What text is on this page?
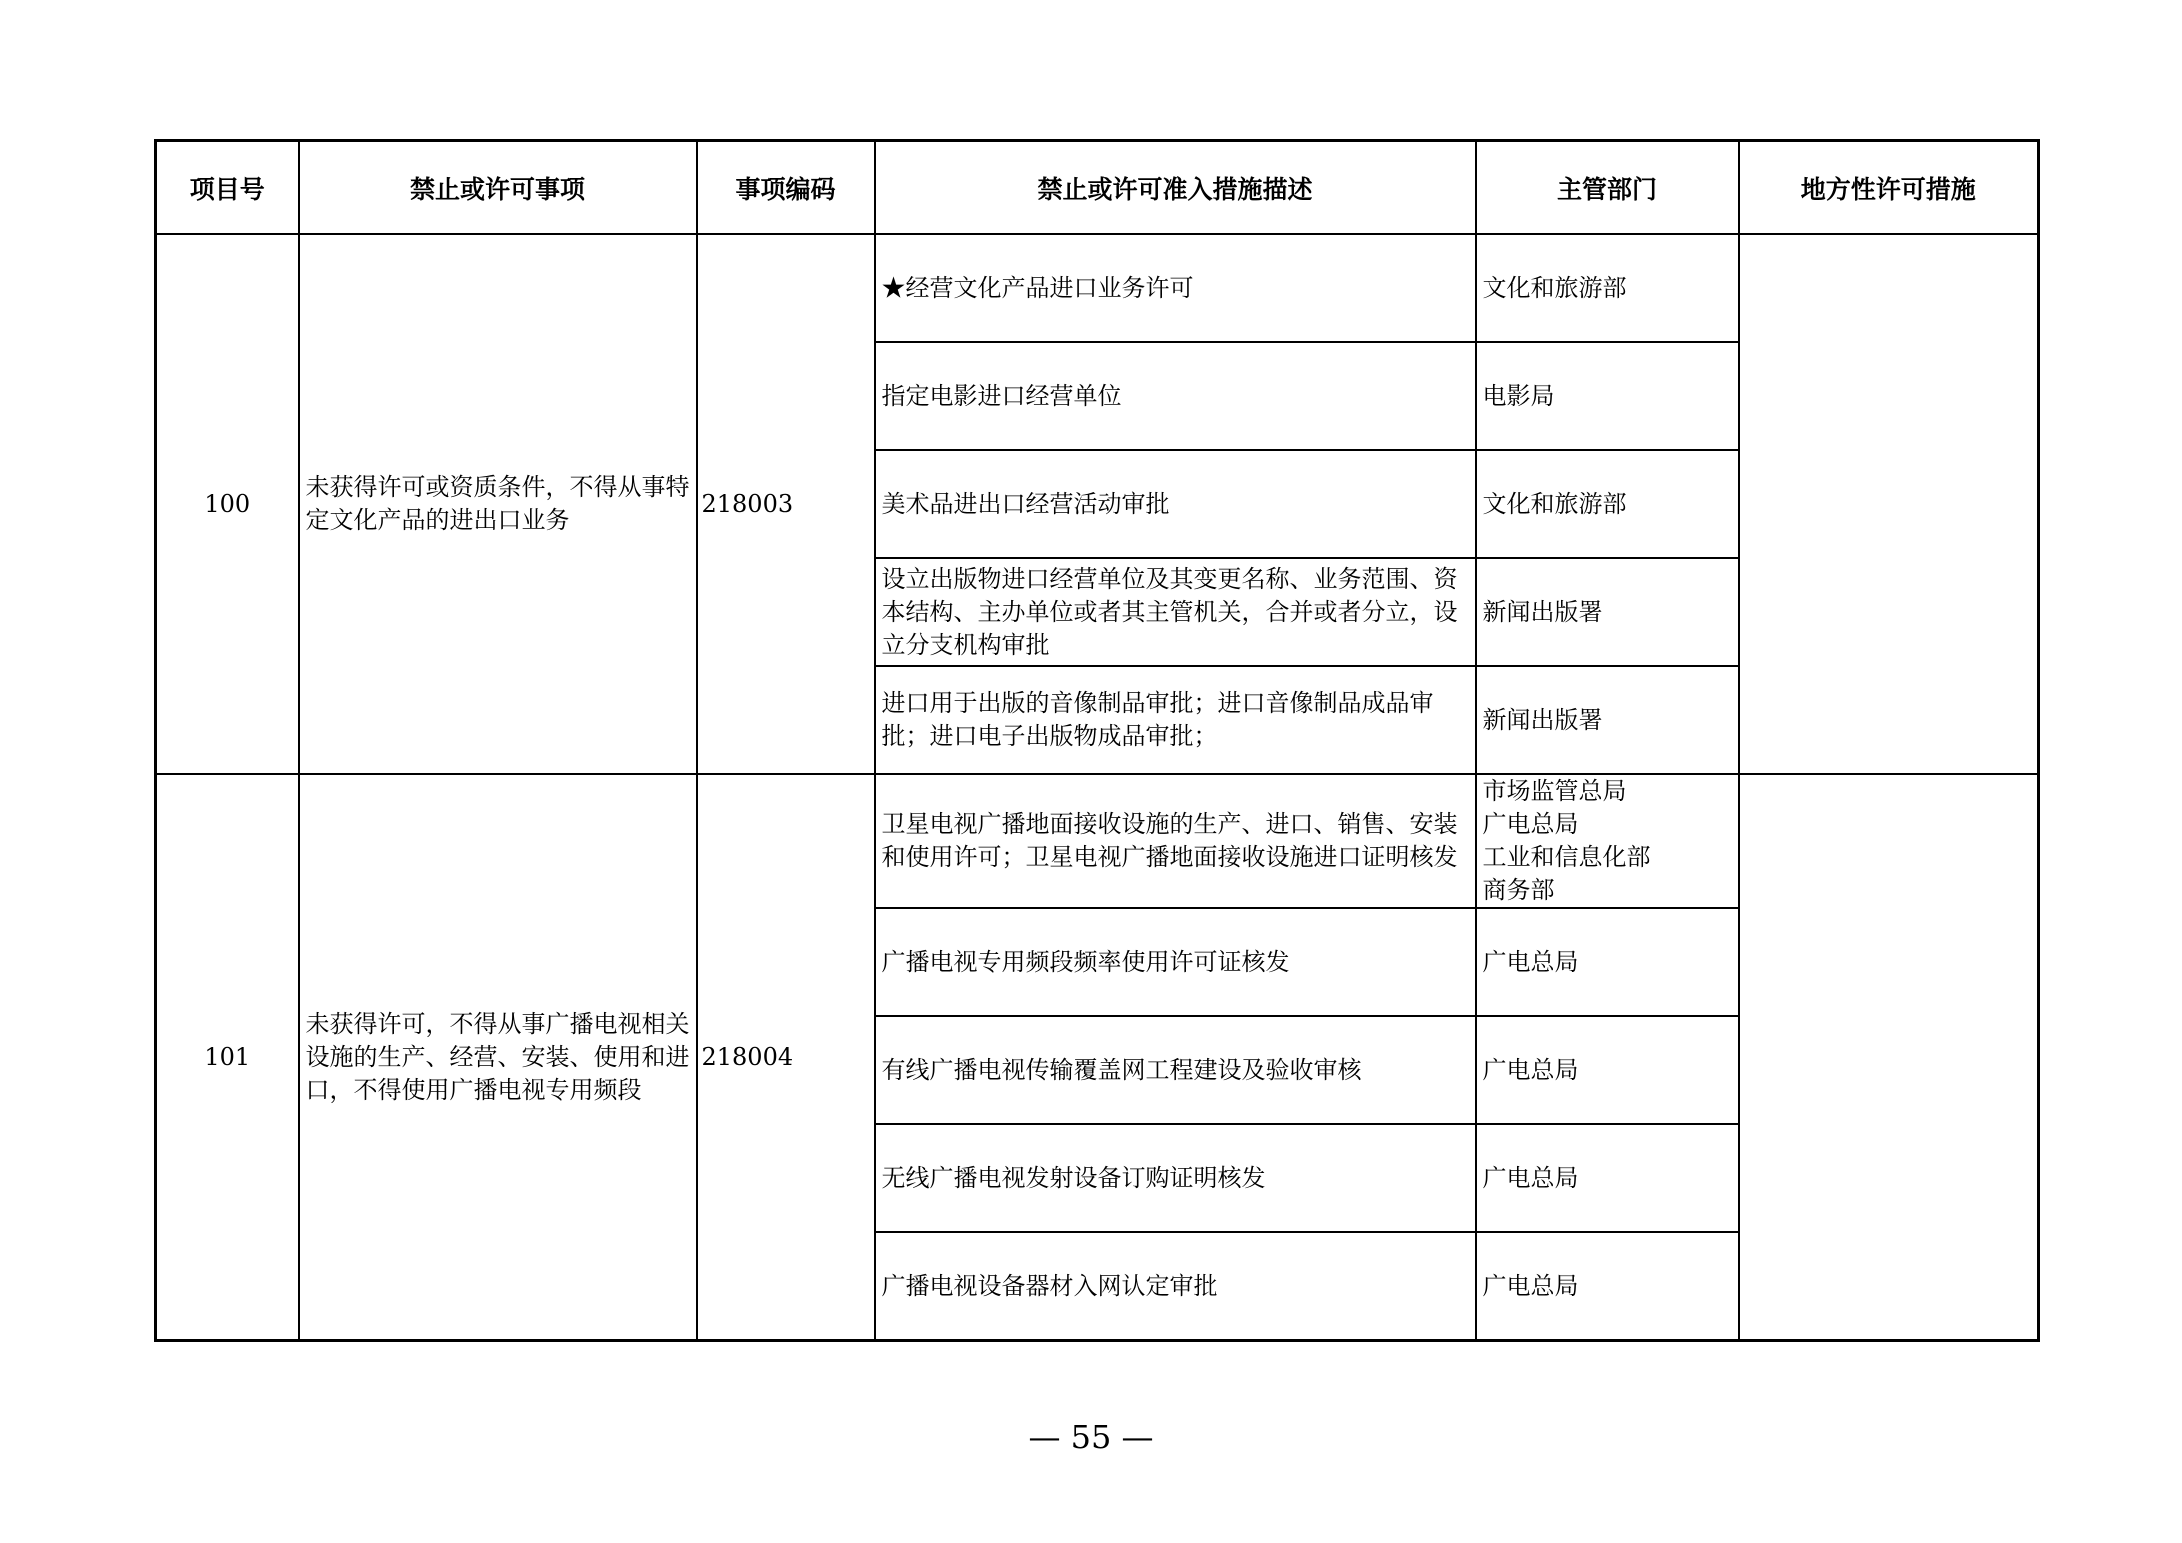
项目号	禁止或许可事项	事项编码	禁止或许可准入措施描述	主管部门	地方性许可措施
100	未获得许可或资质条件，不得从事特定文化产品的进出口业务	218003	★经营文化产品进口业务许可	文化和旅游部	

			指定电影进口经营单位	电影局	

			美术品进出口经营活动审批	文化和旅游部	

			设立出版物进口经营单位及其变更名称、业务范围、资本结构、主办单位或者其主管机关，合并或者分立，设立分支机构审批	新闻出版署	

			进口用于出版的音像制品审批；进口音像制品成品审批；进口电子出版物成品审批；	新闻出版署	

101	未获得许可，不得从事广播电视相关设施的生产、经营、安装、使用和进口，不得使用广播电视专用频段	218004	卫星电视广播地面接收设施的生产、进口、销售、安装和使用许可；卫星电视广播地面接收设施进口证明核发	市场监管总局
广电总局
工业和信息化部
商务部	

			广播电视专用频段频率使用许可证核发	广电总局	

			有线广播电视传输覆盖网工程建设及验收审核	广电总局	

			无线广播电视发射设备订购证明核发	广电总局	

			广播电视设备器材入网认定审批	广电总局	
— 55 —
